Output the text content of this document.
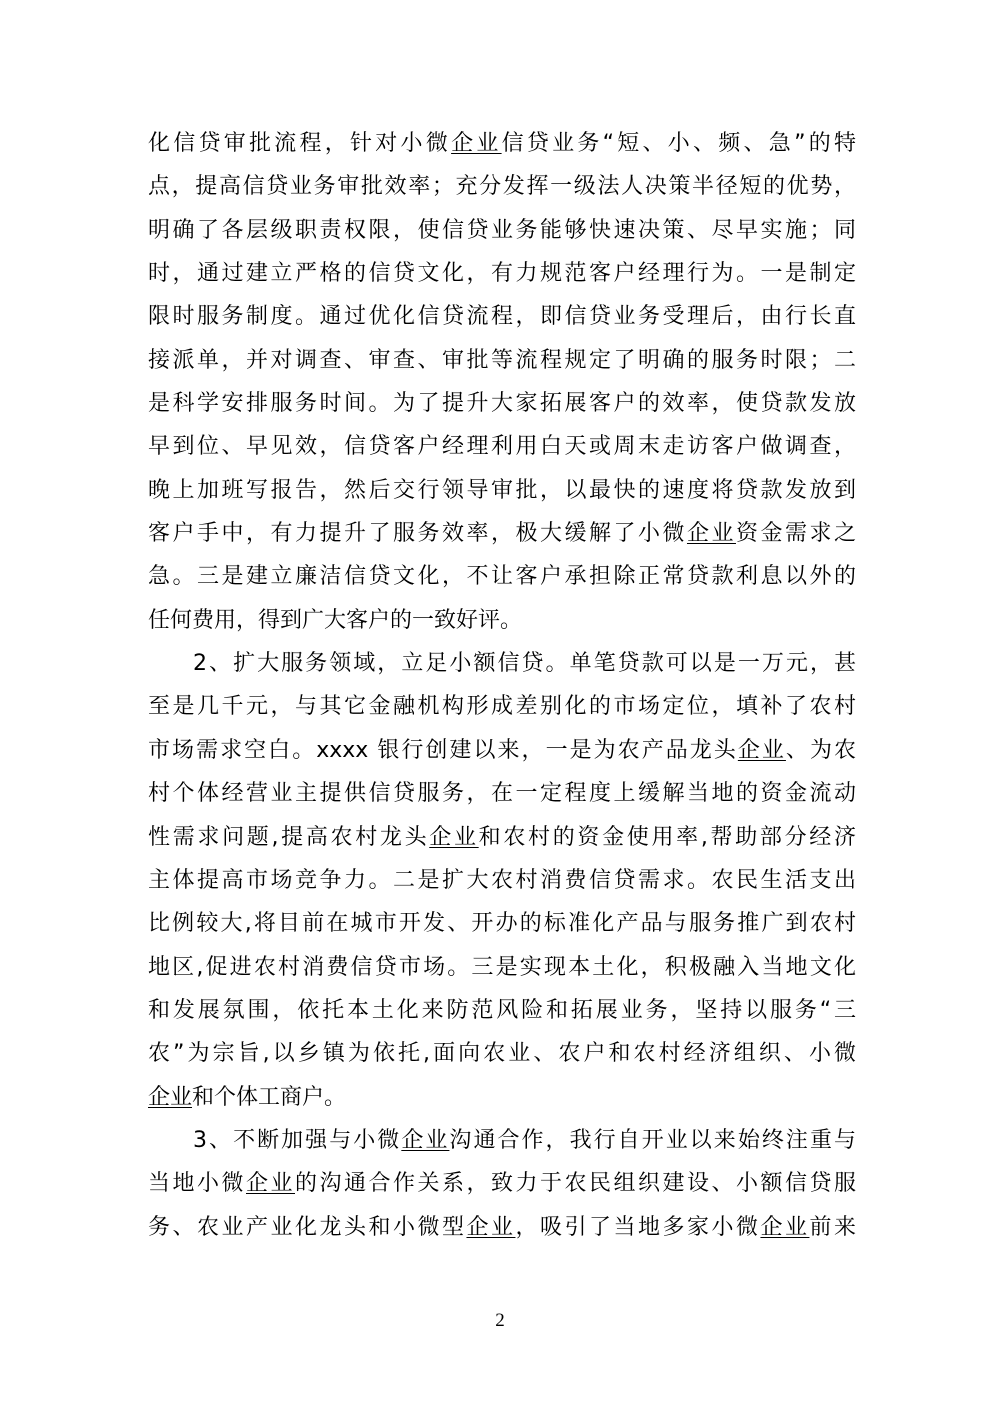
化信贷审批流程，针对小微企业信贷业务“短、小、频、急”的特
点，提高信贷业务审批效率；充分发挥一级法人决策半径短的优势，
明确了各层级职责权限，使信贷业务能够快速决策、尽早实施；同
时，通过建立严格的信贷文化，有力规范客户经理行为。一是制定
限时服务制度。通过优化信贷流程，即信贷业务受理后，由行长直
接派单，并对调查、审查、审批等流程规定了明确的服务时限；二
是科学安排服务时间。为了提升大家拓展客户的效率，使贷款发放
早到位、早见效，信贷客户经理利用白天或周末走访客户做调查，
晚上加班写报告，然后交行领导审批，以最快的速度将贷款发放到
客户手中，有力提升了服务效率，极大缓解了小微企业资金需求之
急。三是建立廉洁信贷文化，不让客户承担除正常贷款利息以外的
任何费用，得到广大客户的一致好评。
2、扩大服务领域，立足小额信贷。单笔贷款可以是一万元，甚
至是几千元，与其它金融机构形成差别化的市场定位，填补了农村
市场需求空白。xxxx 银行创建以来，一是为农产品龙头企业、为农
村个体经营业主提供信贷服务，在一定程度上缓解当地的资金流动
性需求问题,提高农村龙头企业和农村的资金使用率,帮助部分经济
主体提高市场竞争力。二是扩大农村消费信贷需求。农民生活支出
比例较大,将目前在城市开发、开办的标准化产品与服务推广到农村
地区,促进农村消费信贷市场。三是实现本土化，积极融入当地文化
和发展氛围，依托本土化来防范风险和拓展业务，坚持以服务“三
农”为宗旨,以乡镇为依托,面向农业、农户和农村经济组织、小微
企业和个体工商户。
3、不断加强与小微企业沟通合作，我行自开业以来始终注重与
当地小微企业的沟通合作关系，致力于农民组织建设、小额信贷服
务、农业产业化龙头和小微型企业，吸引了当地多家小微企业前来
2
